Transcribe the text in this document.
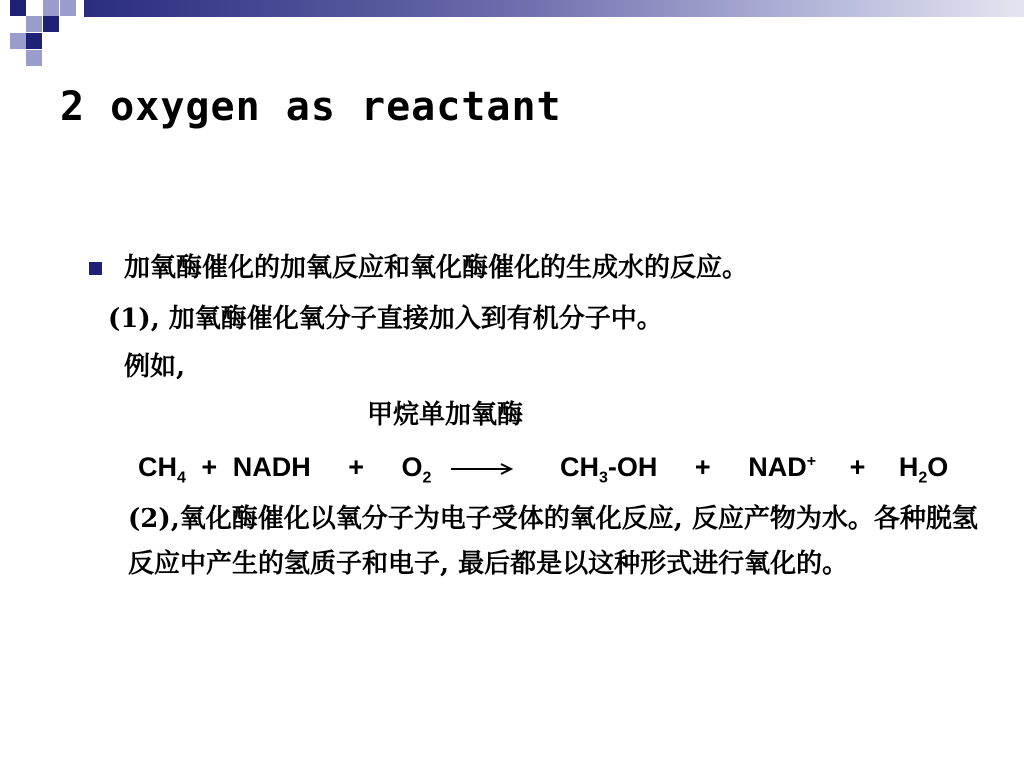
2 oxygen as reactant
加氧酶催化的加氧反应和氧化酶催化的生成水的反应。
(1), 加氧酶催化氧分子直接加入到有机分子中。
例如,
甲烷单加氧酶
$CH_4$ + NADH + $O_2$	$CH_3-OH + NAD^+ + H_2O$
(2),氧化酶催化以氧分子为电子受体的氧化反应, 反应产物为水。各种脱氢反应中产生的氢质子和电子, 最后都是以这种形式进行氧化的。
